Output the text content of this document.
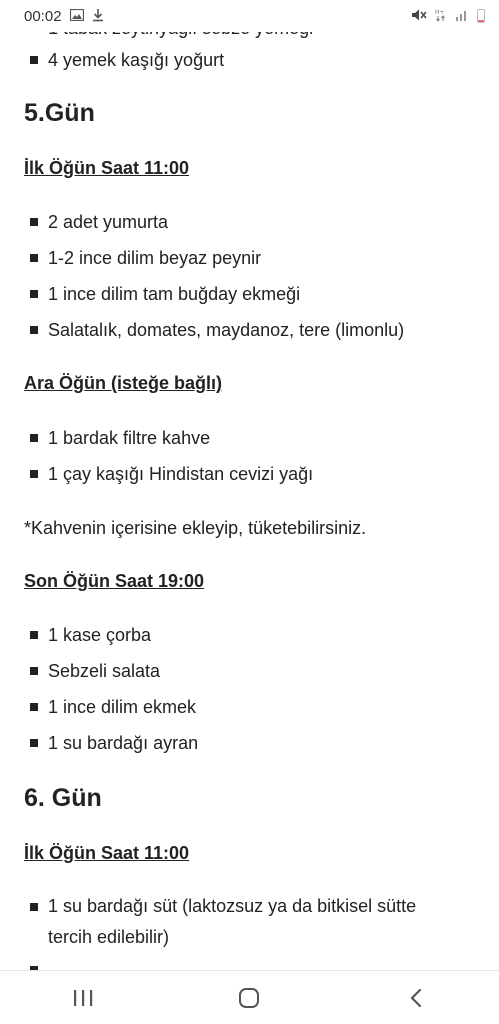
00:02	H+
4 yemek kaşığı yoğurt
5.Gün
İlk Öğün Saat 11:00
2 adet yumurta
1-2 ince dilim beyaz peynir
1 ince dilim tam buğday ekmeği
Salatalık, domates, maydanoz, tere (limonlu)
Ara Öğün (isteğe bağlı)
1 bardak filtre kahve
1 çay kaşığı Hindistan cevizi yağı
*Kahvenin içerisine ekleyip, tüketebilirsiniz.
Son Öğün Saat 19:00
1 kase çorba
Sebzeli salata
1 ince dilim ekmek
1 su bardağı ayran
6. Gün
İlk Öğün Saat 11:00
1 su bardağı süt (laktozsuz ya da bitkisel sütte tercih edilebilir)
